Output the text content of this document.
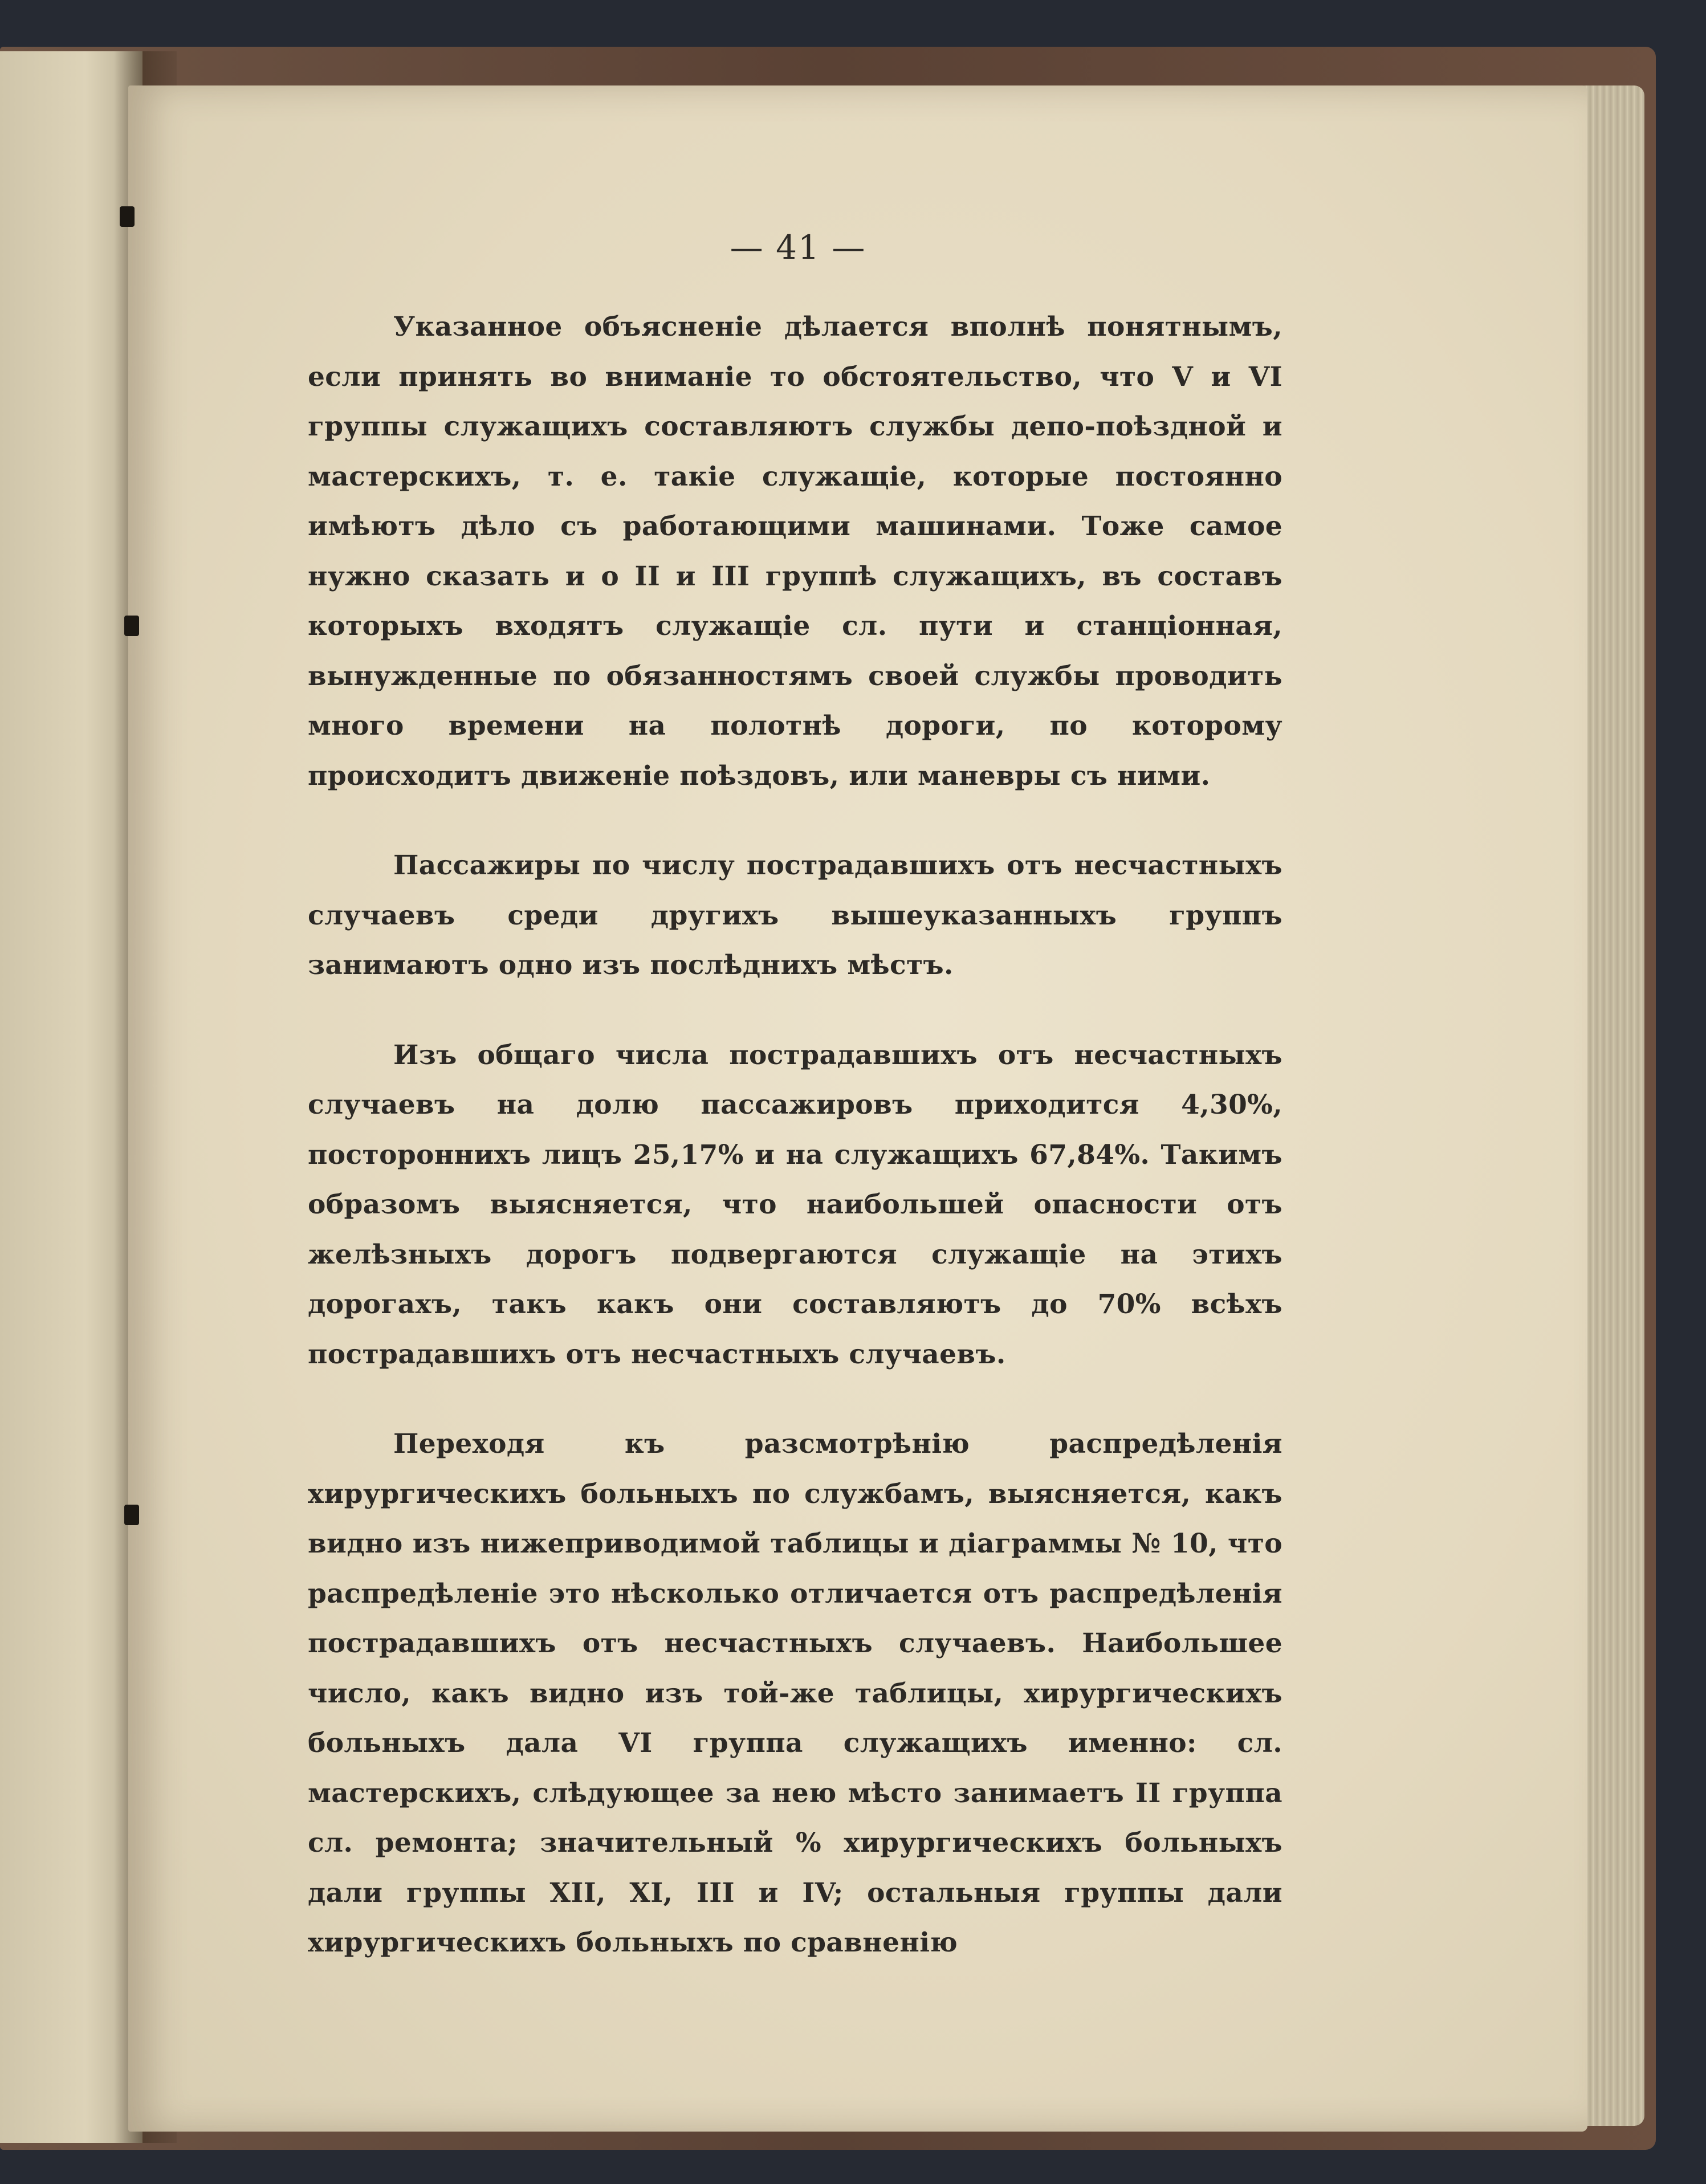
— 41 —

Указанное объясненіе дѣлается вполнѣ понятнымъ, если принять во вниманіе то обстоятельство, что V и VI группы служащихъ составляютъ службы депо-поѣздной и мастерскихъ, т. е. такіе служащіе, которые постоянно имѣютъ дѣло съ работающими машинами. Тоже самое нужно сказать и о II и III группѣ служащихъ, въ составъ которыхъ входятъ служащіе сл. пути и станціонная, вынужденные по обязанностямъ своей службы проводить много времени на полотнѣ дороги, по которому происходитъ движеніе поѣздовъ, или маневры съ ними.

Пассажиры по числу пострадавшихъ отъ несчастныхъ случаевъ среди другихъ вышеуказанныхъ группъ занимаютъ одно изъ послѣднихъ мѣстъ.

Изъ общаго числа пострадавшихъ отъ несчастныхъ случаевъ на долю пассажировъ приходится 4,30%, постороннихъ лицъ 25,17% и на служащихъ 67,84%. Такимъ образомъ выясняется, что наибольшей опасности отъ желѣзныхъ дорогъ подвергаются служащіе на этихъ дорогахъ, такъ какъ они составляютъ до 70% всѣхъ пострадавшихъ отъ несчастныхъ случаевъ.

Переходя къ разсмотрѣнію распредѣленія хирургическихъ больныхъ по службамъ, выясняется, какъ видно изъ нижеприводимой таблицы и діаграммы № 10, что распредѣленіе это нѣсколько отличается отъ распредѣленія пострадавшихъ отъ несчастныхъ случаевъ. Наибольшее число, какъ видно изъ той-же таблицы, хирургическихъ больныхъ дала VI группа служащихъ именно: сл. мастерскихъ, слѣдующее за нею мѣсто занимаетъ II группа сл. ремонта; значительный % хирургическихъ больныхъ дали группы XII, XI, III и IV; остальныя группы дали хирургическихъ больныхъ по сравненію
